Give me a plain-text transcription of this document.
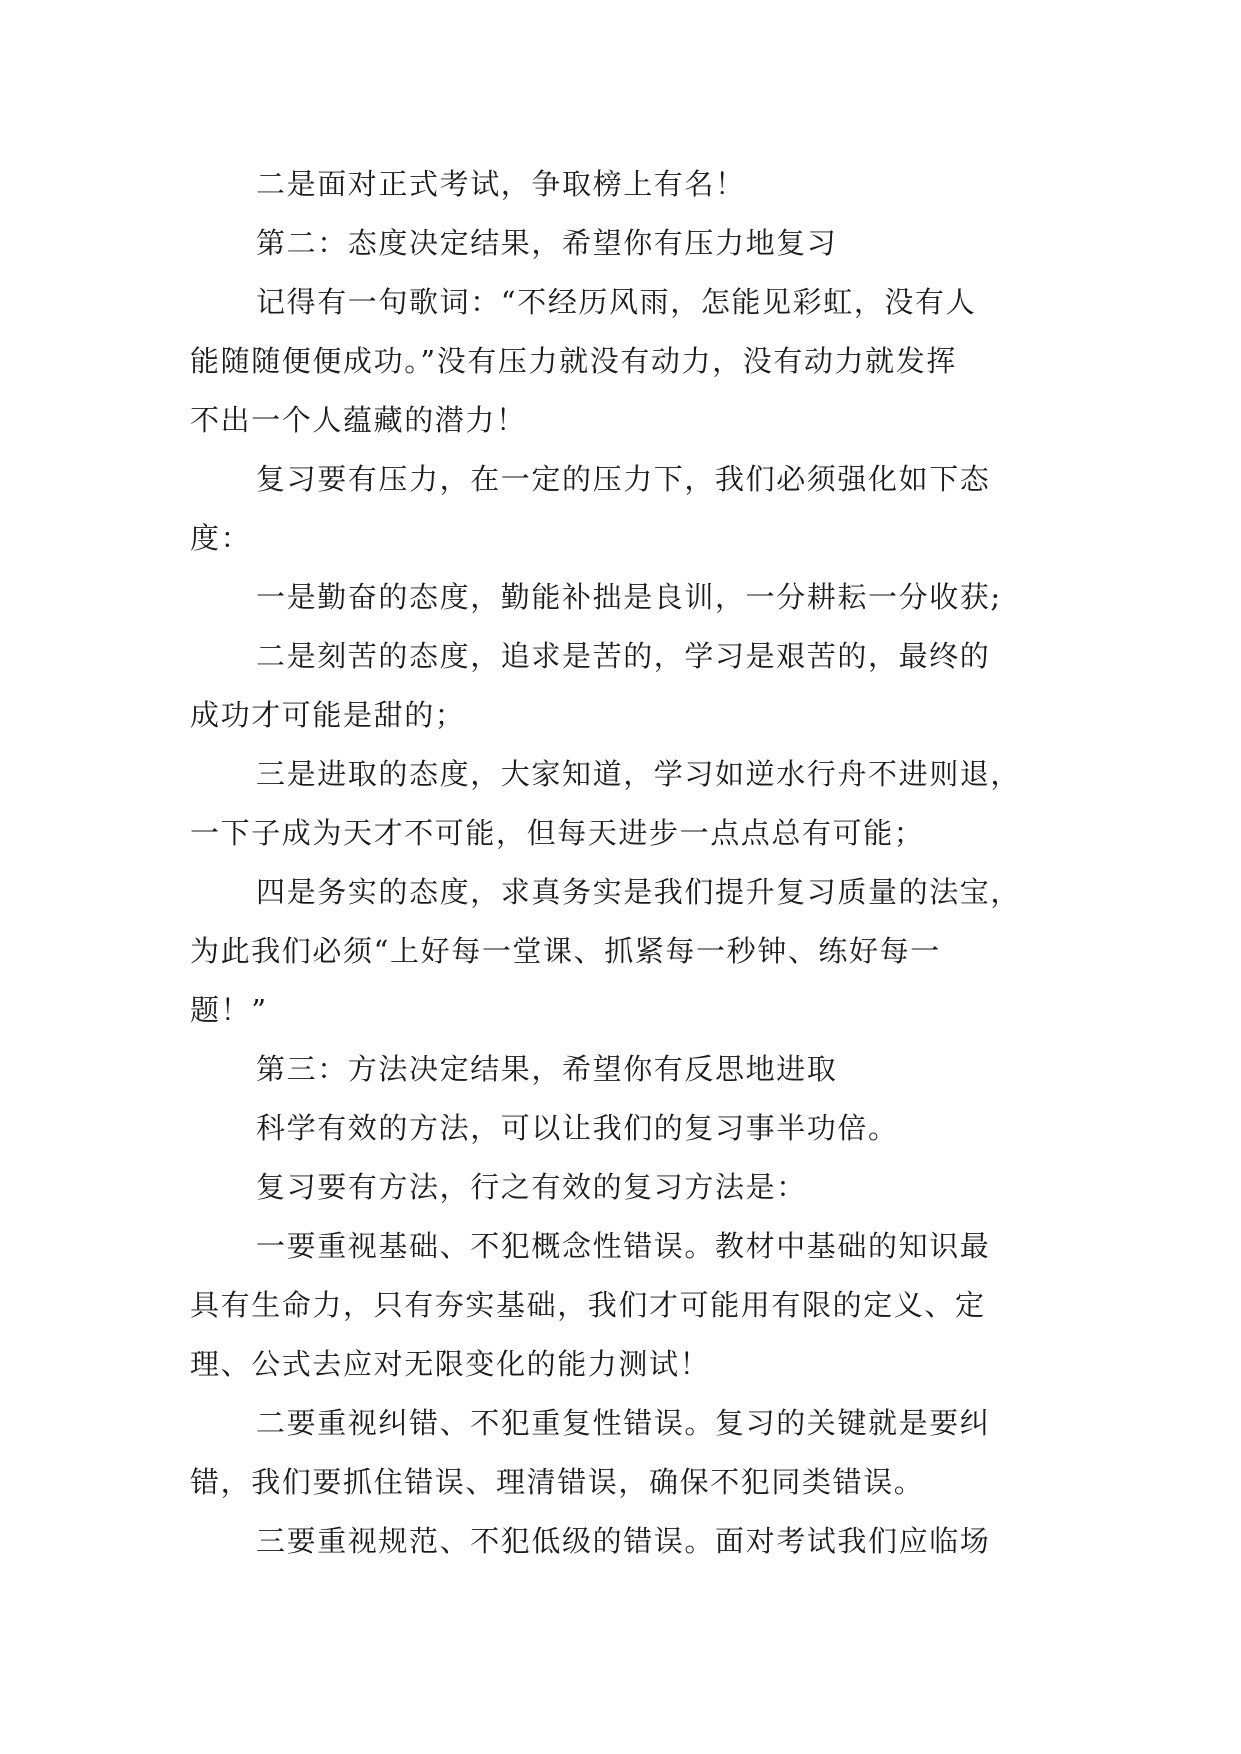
二是面对正式考试，争取榜上有名！
第二：态度决定结果，希望你有压力地复习
记得有一句歌词：“不经历风雨，怎能见彩虹，没有人
能随随便便成功。”没有压力就没有动力，没有动力就发挥
不出一个人蕴藏的潜力！
复习要有压力，在一定的压力下，我们必须强化如下态
度：
一是勤奋的态度，勤能补拙是良训，一分耕耘一分收获;
二是刻苦的态度，追求是苦的，学习是艰苦的，最终的
成功才可能是甜的；
三是进取的态度，大家知道，学习如逆水行舟不进则退，
一下子成为天才不可能，但每天进步一点点总有可能；
四是务实的态度，求真务实是我们提升复习质量的法宝，
为此我们必须“上好每一堂课、抓紧每一秒钟、练好每一
题！”
第三：方法决定结果，希望你有反思地进取
科学有效的方法，可以让我们的复习事半功倍。
复习要有方法，行之有效的复习方法是：
一要重视基础、不犯概念性错误。教材中基础的知识最
具有生命力，只有夯实基础，我们才可能用有限的定义、定
理、公式去应对无限变化的能力测试！
二要重视纠错、不犯重复性错误。复习的关键就是要纠
错，我们要抓住错误、理清错误，确保不犯同类错误。
三要重视规范、不犯低级的错误。面对考试我们应临场
